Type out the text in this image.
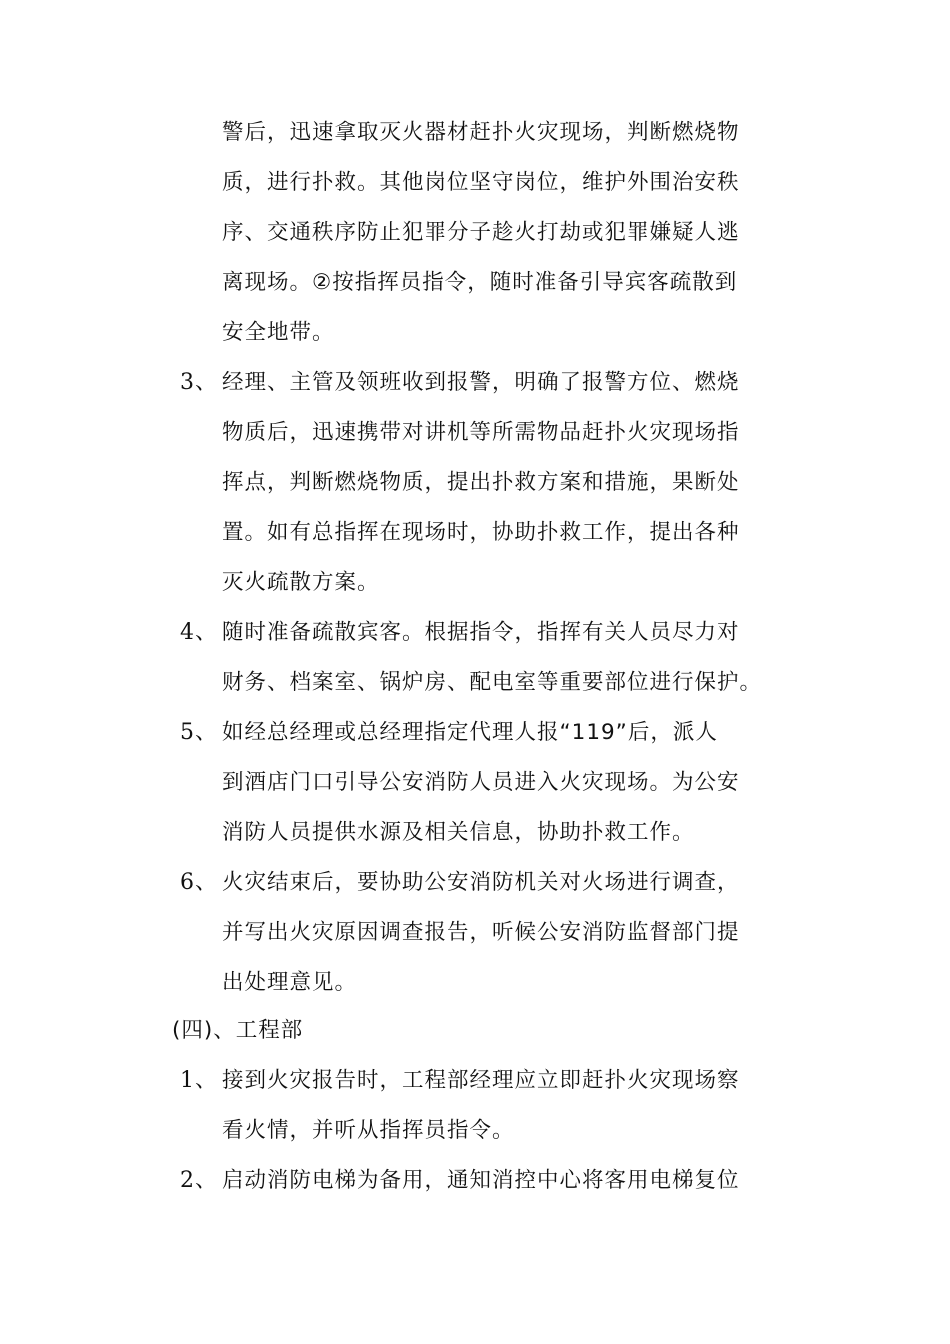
警后，迅速拿取灭火器材赶扑火灾现场，判断燃烧物
质，进行扑救。其他岗位坚守岗位，维护外围治安秩
序、交通秩序防止犯罪分子趁火打劫或犯罪嫌疑人逃
离现场。②按指挥员指令，随时准备引导宾客疏散到
安全地带。
3、 经理、主管及领班收到报警，明确了报警方位、燃烧
物质后，迅速携带对讲机等所需物品赶扑火灾现场指
挥点，判断燃烧物质，提出扑救方案和措施，果断处
置。如有总指挥在现场时，协助扑救工作，提出各种
灭火疏散方案。
4、 随时准备疏散宾客。根据指令，指挥有关人员尽力对
财务、档案室、锅炉房、配电室等重要部位进行保护。
5、 如经总经理或总经理指定代理人报“119”后，派人
到酒店门口引导公安消防人员进入火灾现场。为公安
消防人员提供水源及相关信息，协助扑救工作。
6、 火灾结束后，要协助公安消防机关对火场进行调查，
并写出火灾原因调查报告，听候公安消防监督部门提
出处理意见。
(四)、工程部
1、 接到火灾报告时，工程部经理应立即赶扑火灾现场察
看火情，并听从指挥员指令。
2、 启动消防电梯为备用，通知消控中心将客用电梯复位
